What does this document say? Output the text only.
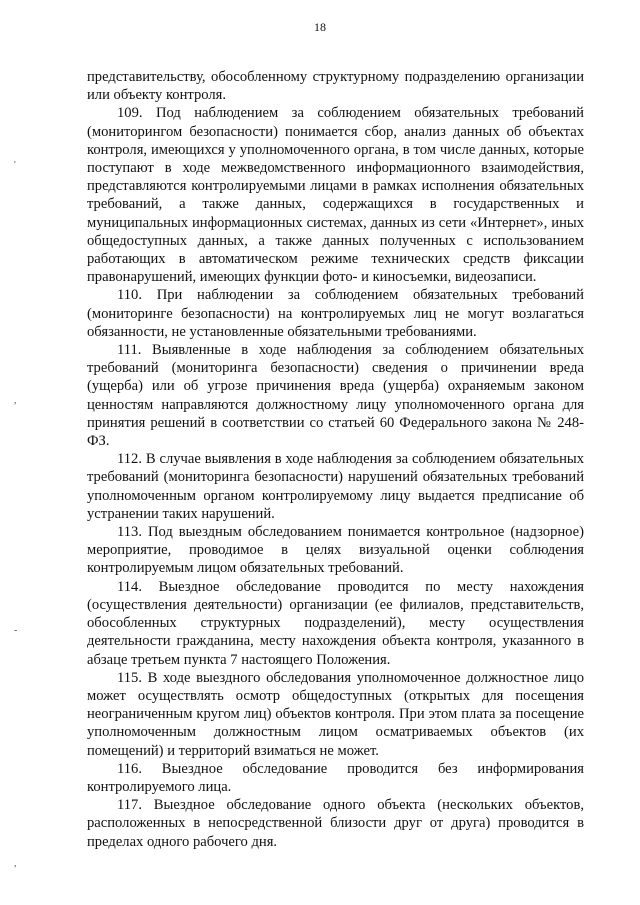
18
'
,
-
,

представительству, обособленному структурному подразделению организации или объекту контроля.

109. Под наблюдением за соблюдением обязательных требований (мониторингом безопасности) понимается сбор, анализ данных об объектах контроля, имеющихся у уполномоченного органа, в том числе данных, которые поступают в ходе межведомственного информационного взаимодействия, представляются контролируемыми лицами в рамках исполнения обязательных требований, а также данных, содержащихся в государственных и муниципальных информационных системах, данных из сети «Интернет», иных общедоступных данных, а также данных полученных с использованием работающих в автоматическом режиме технических средств фиксации правонарушений, имеющих функции фото- и киносъемки, видеозаписи.

110. При наблюдении за соблюдением обязательных требований (мониторинге безопасности) на контролируемых лиц не могут возлагаться обязанности, не установленные обязательными требованиями.

111. Выявленные в ходе наблюдения за соблюдением обязательных требований (мониторинга безопасности) сведения о причинении вреда (ущерба) или об угрозе причинения вреда (ущерба) охраняемым законом ценностям направляются должностному лицу уполномоченного органа для принятия решений в соответствии со статьей 60 Федерального закона № 248-ФЗ.

112. В случае выявления в ходе наблюдения за соблюдением обязательных требований (мониторинга безопасности) нарушений обязательных требований уполномоченным органом контролируемому лицу выдается предписание об устранении таких нарушений.

113. Под выездным обследованием понимается контрольное (надзорное) мероприятие, проводимое в целях визуальной оценки соблюдения контролируемым лицом обязательных требований.

114. Выездное обследование проводится по месту нахождения (осуществления деятельности) организации (ее филиалов, представительств, обособленных структурных подразделений), месту осуществления деятельности гражданина, месту нахождения объекта контроля, указанного в абзаце третьем пункта 7 настоящего Положения.

115. В ходе выездного обследования уполномоченное должностное лицо может осуществлять осмотр общедоступных (открытых для посещения неограниченным кругом лиц) объектов контроля. При этом плата за посещение уполномоченным должностным лицом осматриваемых объектов (их помещений) и территорий взиматься не может.

116. Выездное обследование проводится без информирования контролируемого лица.

117. Выездное обследование одного объекта (нескольких объектов, расположенных в непосредственной близости друг от друга) проводится в пределах одного рабочего дня.
